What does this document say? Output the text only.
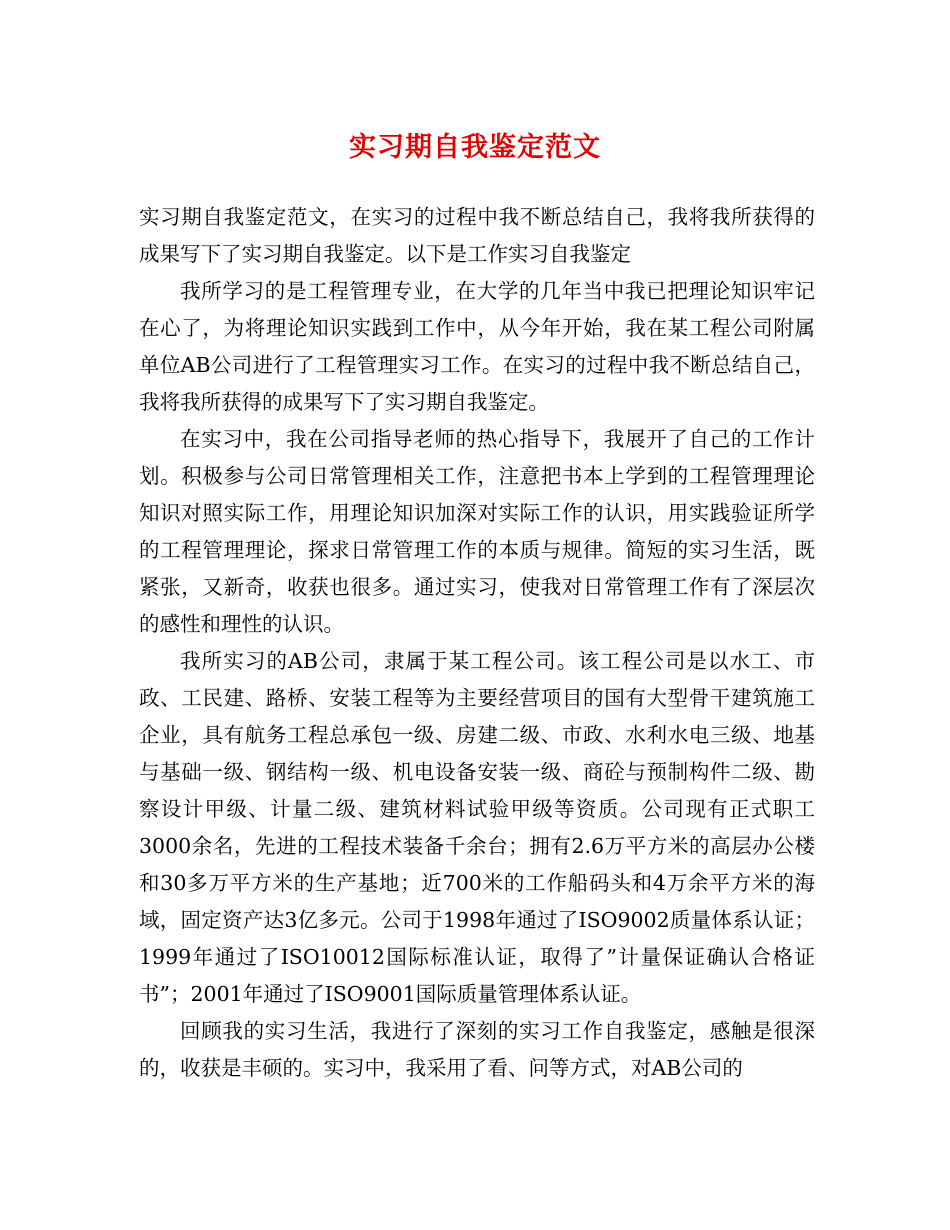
实习期自我鉴定范文

实习期自我鉴定范文，在实习的过程中我不断总结自己，我将我所获得的成果写下了实习期自我鉴定。以下是工作实习自我鉴定

我所学习的是工程管理专业，在大学的几年当中我已把理论知识牢记在心了，为将理论知识实践到工作中，从今年开始，我在某工程公司附属单位AB公司进行了工程管理实习工作。在实习的过程中我不断总结自己，我将我所获得的成果写下了实习期自我鉴定。

在实习中，我在公司指导老师的热心指导下，我展开了自己的工作计划。积极参与公司日常管理相关工作，注意把书本上学到的工程管理理论知识对照实际工作，用理论知识加深对实际工作的认识，用实践验证所学的工程管理理论，探求日常管理工作的本质与规律。简短的实习生活，既紧张，又新奇，收获也很多。通过实习，使我对日常管理工作有了深层次的感性和理性的认识。

我所实习的AB公司，隶属于某工程公司。该工程公司是以水工、市政、工民建、路桥、安装工程等为主要经营项目的国有大型骨干建筑施工企业，具有航务工程总承包一级、房建二级、市政、水利水电三级、地基与基础一级、钢结构一级、机电设备安装一级、商砼与预制构件二级、勘察设计甲级、计量二级、建筑材料试验甲级等资质。公司现有正式职工3000余名，先进的工程技术装备千余台；拥有2.6万平方米的高层办公楼和30多万平方米的生产基地；近700米的工作船码头和4万余平方米的海域，固定资产达3亿多元。公司于1998年通过了ISO9002质量体系认证；1999年通过了ISO10012国际标准认证，取得了”计量保证确认合格证书”；2001年通过了ISO9001国际质量管理体系认证。

回顾我的实习生活，我进行了深刻的实习工作自我鉴定，感触是很深的，收获是丰硕的。实习中，我采用了看、问等方式，对AB公司的
